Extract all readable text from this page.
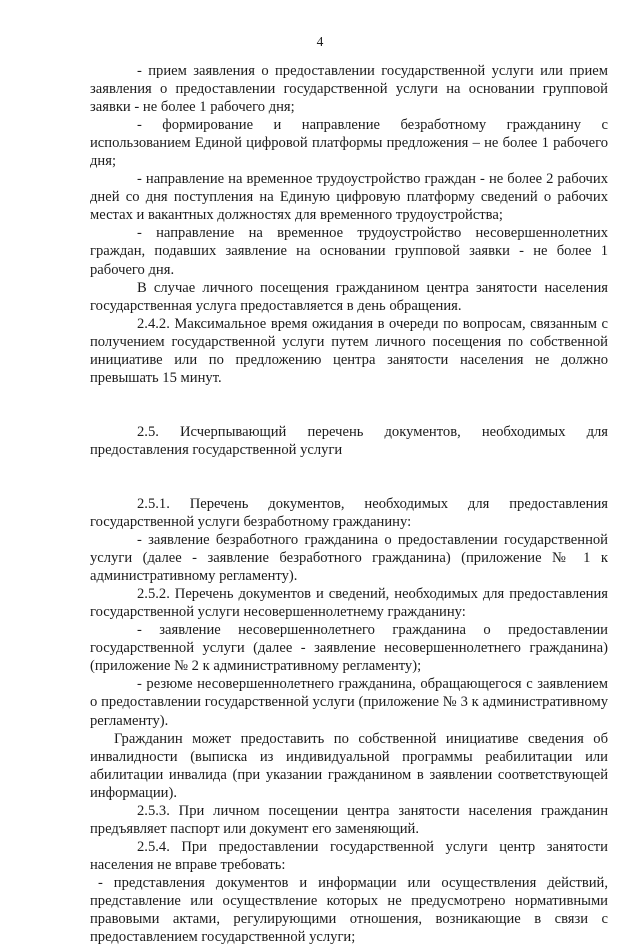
4

- прием заявления о предоставлении государственной услуги или прием заявления о предоставлении государственной услуги на основании групповой заявки - не более 1 рабочего дня;

- формирование и направление безработному гражданину с использованием Единой цифровой платформы предложения – не более 1 рабочего дня;

- направление на временное трудоустройство граждан - не более 2 рабочих дней со дня поступления на Единую цифровую платформу сведений о рабочих местах и вакантных должностях для временного трудоустройства;

- направление на временное трудоустройство несовершеннолетних граждан, подавших заявление на основании групповой заявки - не более 1 рабочего дня.

В случае личного посещения гражданином центра занятости населения государственная услуга предоставляется в день обращения.

2.4.2. Максимальное время ожидания в очереди по вопросам, связанным с получением государственной услуги путем личного посещения по собственной инициативе или по предложению центра занятости населения не должно превышать 15 минут.

2.5. Исчерпывающий перечень документов, необходимых для предоставления государственной услуги

2.5.1. Перечень документов, необходимых для предоставления государственной услуги безработному гражданину:

- заявление безработного гражданина о предоставлении государственной услуги (далее - заявление безработного гражданина) (приложение № 1 к административному регламенту).

2.5.2. Перечень документов и сведений, необходимых для предоставления государственной услуги несовершеннолетнему гражданину:

- заявление несовершеннолетнего гражданина о предоставлении государственной услуги (далее - заявление несовершеннолетнего гражданина) (приложение № 2 к административному регламенту);

- резюме несовершеннолетнего гражданина, обращающегося с заявлением о предоставлении государственной услуги (приложение № 3 к административному регламенту).

Гражданин может предоставить по собственной инициативе сведения об инвалидности (выписка из индивидуальной программы реабилитации или абилитации инвалида (при указании гражданином в заявлении соответствующей информации).

2.5.3. При личном посещении центра занятости населения гражданин предъявляет паспорт или документ его заменяющий.

2.5.4. При предоставлении государственной услуги центр занятости населения не вправе требовать:

- представления документов и информации или осуществления действий, представление или осуществление которых не предусмотрено нормативными правовыми актами, регулирующими отношения, возникающие в связи с предоставлением государственной услуги;
